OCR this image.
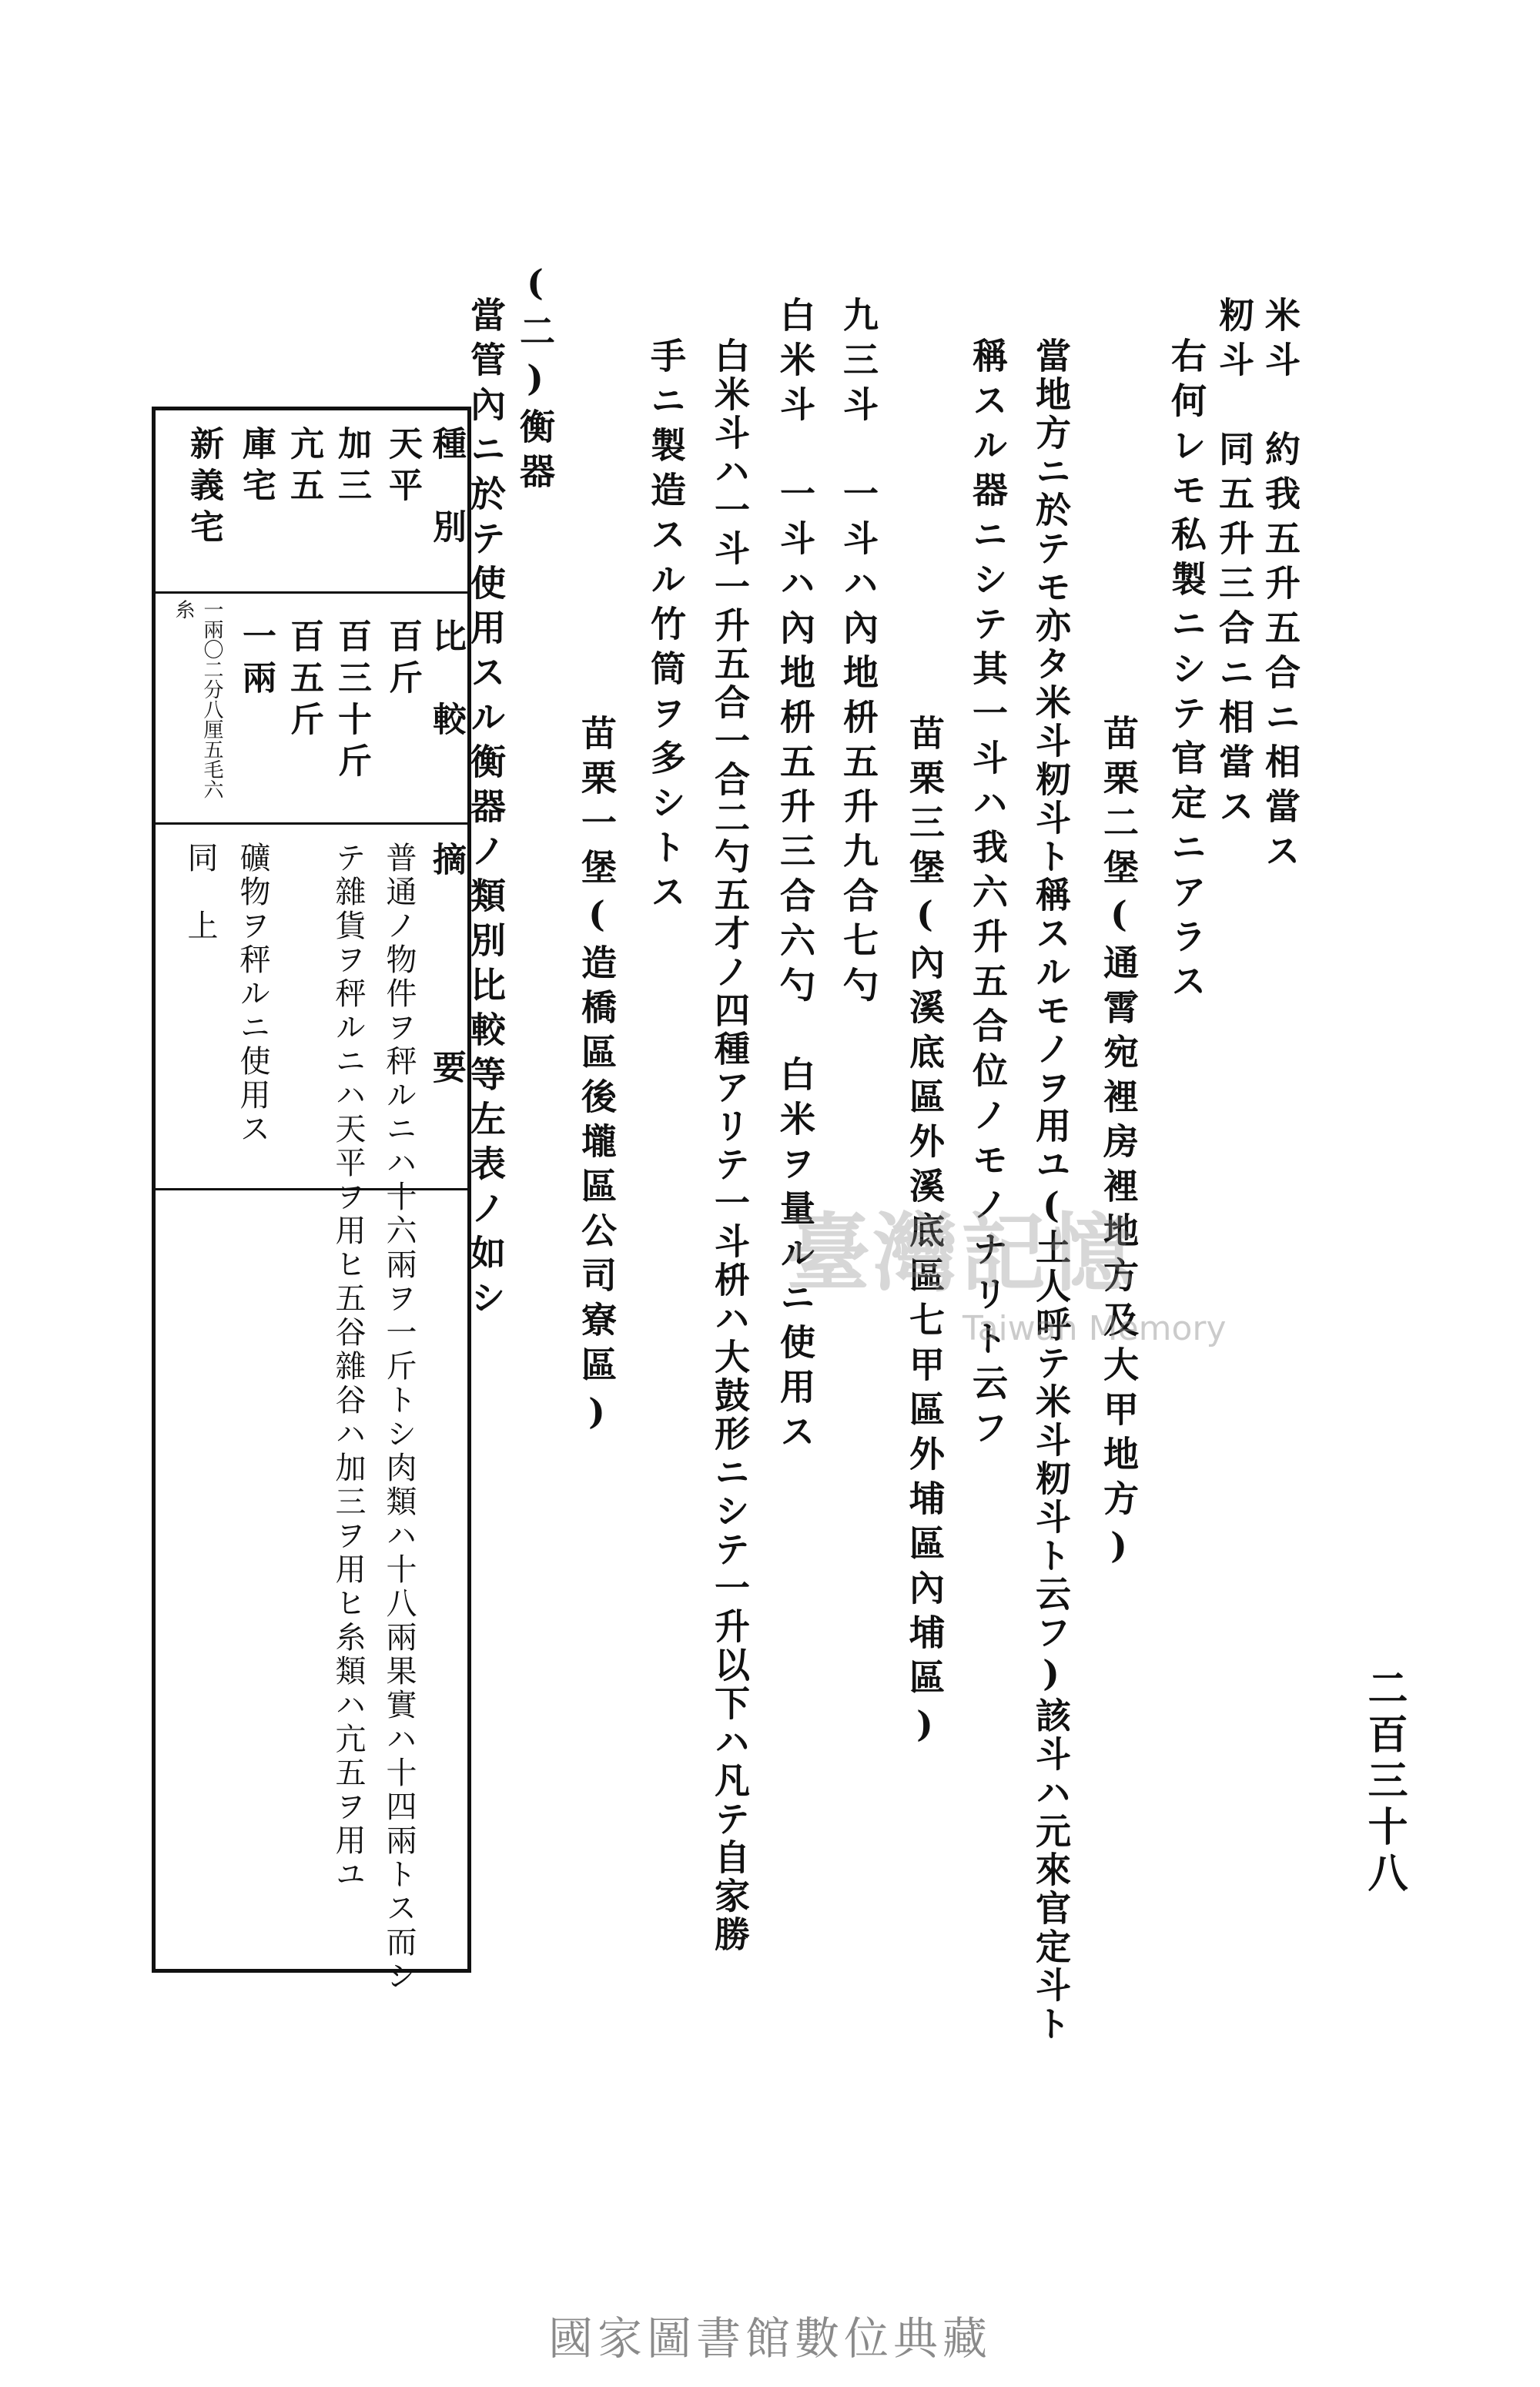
二百三十八
米斗　約我五升五合ニ相當ス
籾斗　同五升三合ニ相當ス
右何レモ私製ニシテ官定ニアラス
苗栗二堡(通霄宛裡房裡地方及大甲地方)
當地方ニ於テモ亦タ米斗籾斗ト稱スルモノヲ用ユ(土人呼テ米斗籾斗ト云フ)該斗ハ元來官定斗ト
稱スル器ニシテ其一斗ハ我六升五合位ノモノナリト云フ
苗栗三堡(內溪底區外溪底區七甲區外埔區內埔區)
九三斗　一斗ハ內地枡五升九合七勺
白米斗　一斗ハ內地枡五升三合六勺　白米ヲ量ルニ使用ス
白米斗ハ一斗一升五合一合二勺五才ノ四種アリテ一斗枡ハ大鼓形ニシテ一升以下ハ凡テ自家勝
手ニ製造スル竹筒ヲ多シトス
苗栗一堡(造橋區後壠區公司寮區)
(二)衡器
當管內ニ於テ使用スル衡器ノ類別比較等左表ノ如シ
種　別
比　較
摘　　　　要
天平
百斤
普通ノ物件ヲ秤ルニハ十六兩ヲ一斤トシ肉類ハ十八兩果實ハ十四兩トス而シ
加三
百三十斤
テ雜貨ヲ秤ルニハ天平ヲ用ヒ五谷雜谷ハ加三ヲ用ヒ糸類ハ亢五ヲ用ユ
亢五
百五斤
庫宅
一兩
礦物ヲ秤ルニ使用ス
新義宅
一兩〇二分八厘五毛六糸
同　上
臺灣記憶
Taiwan Memory
國家圖書館數位典藏
